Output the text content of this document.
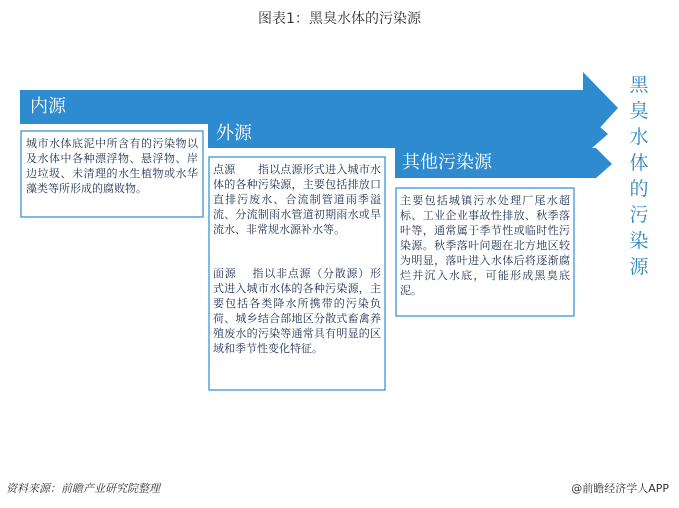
图表1：黑臭水体的污染源
内源
外源
其他污染源
城市水体底泥中所含有的污染物以及水体中各种漂浮物、悬浮物、岸边垃圾、未清理的水生植物或水华藻类等所形成的腐败物。
点源　　指以点源形式进入城市水体的各种污染源，主要包括排放口直排污废水、合流制管道雨季溢流、分流制雨水管道初期雨水或旱流水、非常规水源补水等。
面源　 指以非点源（分散源）形式进入城市水体的各种污染源，主要包括各类降水所携带的污染负荷、城乡结合部地区分散式畜禽养殖废水的污染等通常具有明显的区域和季节性变化特征。
主要包括城镇污水处理厂尾水超标、工业企业事故性排放、秋季落叶等，通常属于季节性或临时性污染源。秋季落叶问题在北方地区较为明显，落叶进入水体后将逐渐腐烂并沉入水底，可能形成黑臭底泥。
黑
臭
水
体
的
污
染
源
资料来源：前瞻产业研究院整理	@前瞻经济学人APP
